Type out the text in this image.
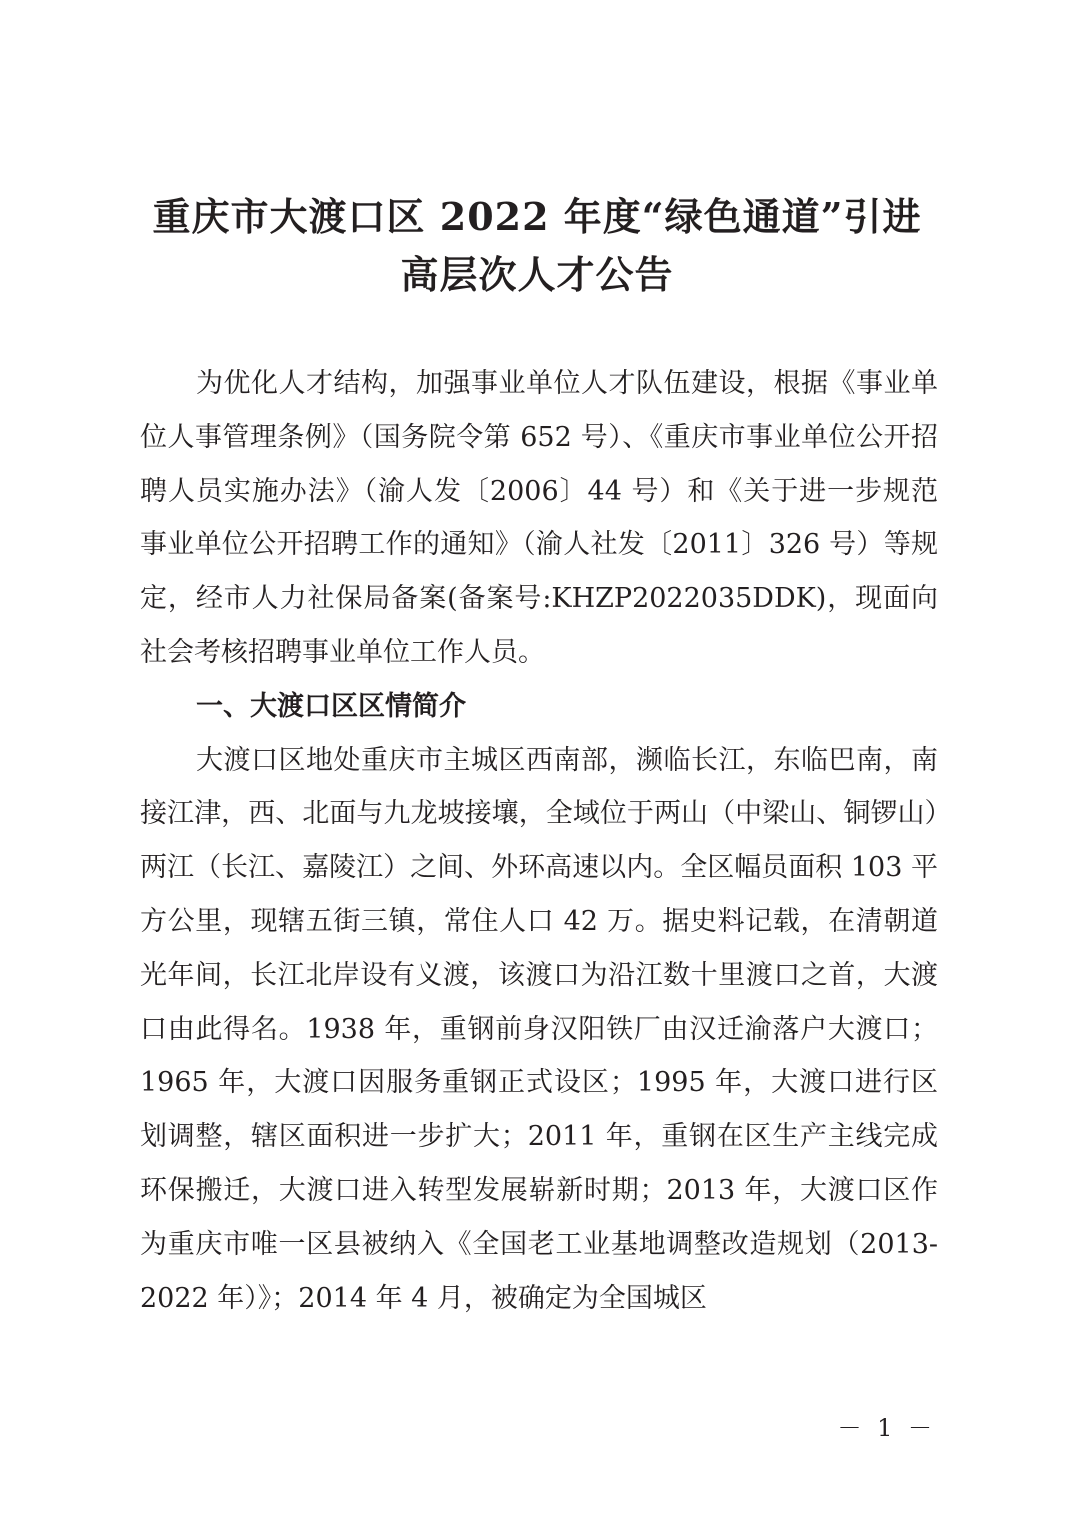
重庆市大渡口区 2022 年度“绿色通道”引进
高层次人才公告

为优化人才结构，加强事业单位人才队伍建设，根据《事业单位人事管理条例》（国务院令第 652 号）、《重庆市事业单位公开招聘人员实施办法》（渝人发〔2006〕44 号）和《关于进一步规范事业单位公开招聘工作的通知》（渝人社发〔2011〕326 号）等规定，经市人力社保局备案(备案号:KHZP2022035DDK)，现面向社会考核招聘事业单位工作人员。

一、大渡口区区情简介

大渡口区地处重庆市主城区西南部，濒临长江，东临巴南，南接江津，西、北面与九龙坡接壤，全域位于两山（中梁山、铜锣山）两江（长江、嘉陵江）之间、外环高速以内。全区幅员面积 103 平方公里，现辖五街三镇，常住人口 42 万。据史料记载，在清朝道光年间，长江北岸设有义渡，该渡口为沿江数十里渡口之首，大渡口由此得名。1938 年，重钢前身汉阳铁厂由汉迁渝落户大渡口；1965 年，大渡口因服务重钢正式设区；1995 年，大渡口进行区划调整，辖区面积进一步扩大；2011 年，重钢在区生产主线完成环保搬迁，大渡口进入转型发展崭新时期；2013 年，大渡口区作为重庆市唯一区县被纳入《全国老工业基地调整改造规划（2013-2022 年）》；2014 年 4 月，被确定为全国城区

－ 1 －
